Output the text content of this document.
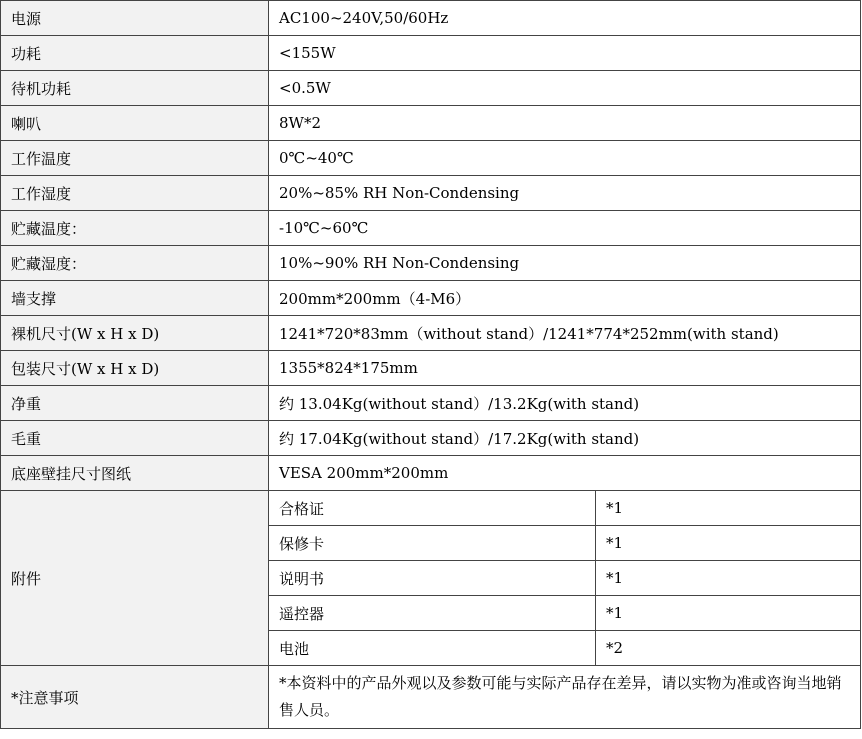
电源	AC100~240V,50/60Hz	
功耗	<155W	
待机功耗	<0.5W	
喇叭	8W*2	
工作温度	0℃~40℃	
工作湿度	20%~85% RH Non-Condensing	
贮藏温度：	-10℃~60℃	
贮藏湿度：	10%~90% RH Non-Condensing	
墙支撑	200mm*200mm（4-M6）	
裸机尺寸(W x H x D)	1241*720*83mm（without stand）/1241*774*252mm(with stand)	
包装尺寸(W x H x D)	1355*824*175mm	
净重	约 13.04Kg(without stand）/13.2Kg(with stand)	
毛重	约 17.04Kg(without stand）/17.2Kg(with stand)	
底座壁挂尺寸图纸	VESA 200mm*200mm	
附件	合格证	*1
	保修卡	*1
	说明书	*1
	遥控器	*1
	电池	*2
*注意事项	*本资料中的产品外观以及参数可能与实际产品存在差异，请以实物为准或咨询当地销售人员。	
